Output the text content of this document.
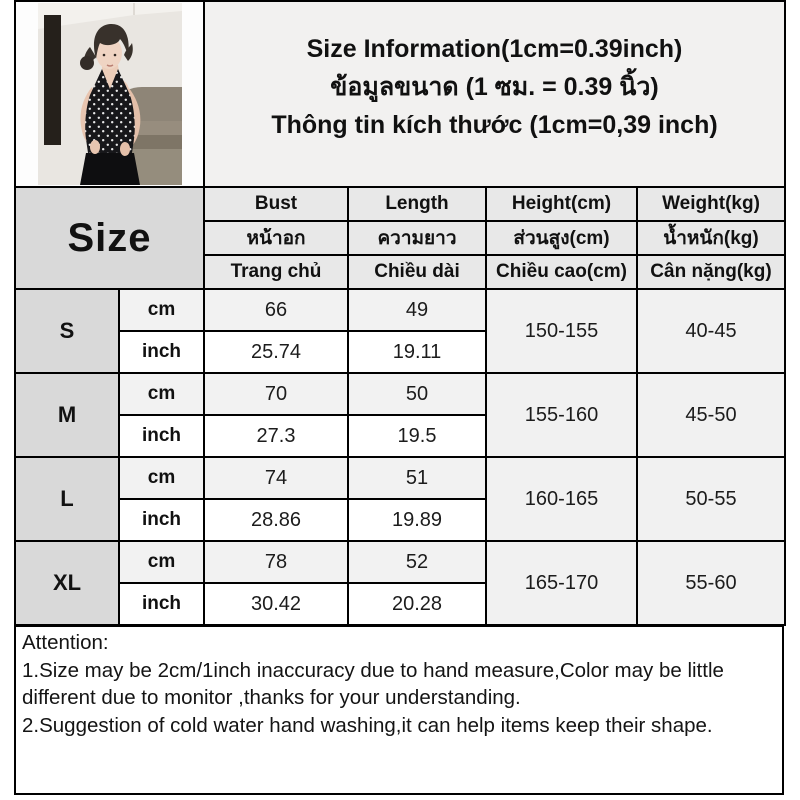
Size Information(1cm=0.39inch)
ข้อมูลขนาด (1 ซม. = 0.39 นิ้ว)
Thông tin kích thước (1cm=0,39 inch)			

Size		Bust	Length	Height(cm)	Weight(kg)
		หน้าอก	ความยาว	ส่วนสูง(cm)	น้ำหนัก(kg)
		Trang chủ	Chiều dài	Chiều cao(cm)	Cân nặng(kg)
S	cm	66	49	150-155	40-45
	inch	25.74	19.11		
M	cm	70	50	155-160	45-50
	inch	27.3	19.5		
L	cm	74	51	160-165	50-55
	inch	28.86	19.89		
XL	cm	78	52	165-170	55-60
	inch	30.42	20.28		

Attention:

1.Size may be 2cm/1inch inaccuracy due to hand measure,Color may be little different due to monitor ,thanks for your understanding.

2.Suggestion of cold water hand washing,it can help items keep their shape.
